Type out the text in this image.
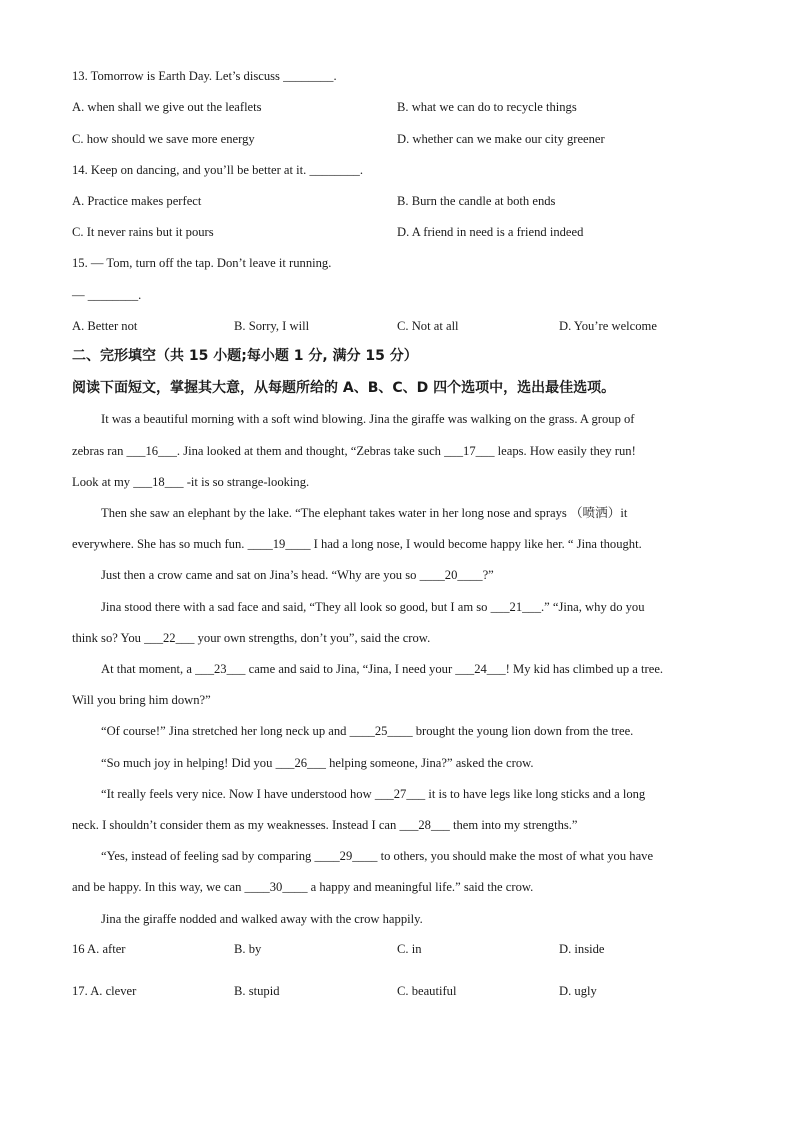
13. Tomorrow is Earth Day. Let’s discuss ________.
A. when shall we give out the leaflets	B. what we can do to recycle things
C. how should we save more energy	D. whether can we make our city greener
14. Keep on dancing, and you’ll be better at it. ________.
A. Practice makes perfect	B. Burn the candle at both ends
C. It never rains but it pours	D. A friend in need is a friend indeed
15. — Tom, turn off the tap. Don’t leave it running.
— ________.
A. Better not	B. Sorry, I will	C. Not at all	D. You’re welcome
二、完形填空（共 15 小题;每小题 1 分, 满分 15 分）
阅读下面短文，掌握其大意，从每题所给的 A、B、C、D 四个选项中，选出最佳选项。
It was a beautiful morning with a soft wind blowing. Jina the giraffe was walking on the grass. A group of
zebras ran ___16___. Jina looked at them and thought, “Zebras take such ___17___ leaps. How easily they run!
Look at my ___18___ -it is so strange-looking.
Then she saw an elephant by the lake. “The elephant takes water in her long nose and sprays （喷洒）it
everywhere. She has so much fun. ____19____ I had a long nose, I would become happy like her. “ Jina thought.
Just then a crow came and sat on Jina’s head. “Why are you so ____20____?”
Jina stood there with a sad face and said, “They all look so good, but I am so ___21___.” “Jina, why do you
think so? You ___22___ your own strengths, don’t you”, said the crow.
At that moment, a ___23___ came and said to Jina, “Jina, I need your ___24___! My kid has climbed up a tree.
Will you bring him down?”
“Of course!” Jina stretched her long neck up and ____25____ brought the young lion down from the tree.
“So much joy in helping! Did you ___26___ helping someone, Jina?” asked the crow.
“It really feels very nice. Now I have understood how ___27___ it is to have legs like long sticks and a long
neck. I shouldn’t consider them as my weaknesses. Instead I can ___28___ them into my strengths.”
“Yes, instead of feeling sad by comparing ____29____ to others, you should make the most of what you have
and be happy. In this way, we can ____30____ a happy and meaningful life.” said the crow.
Jina the giraffe nodded and walked away with the crow happily.
16 A. after	B. by	C. in	D. inside
17. A. clever	B. stupid	C. beautiful	D. ugly
